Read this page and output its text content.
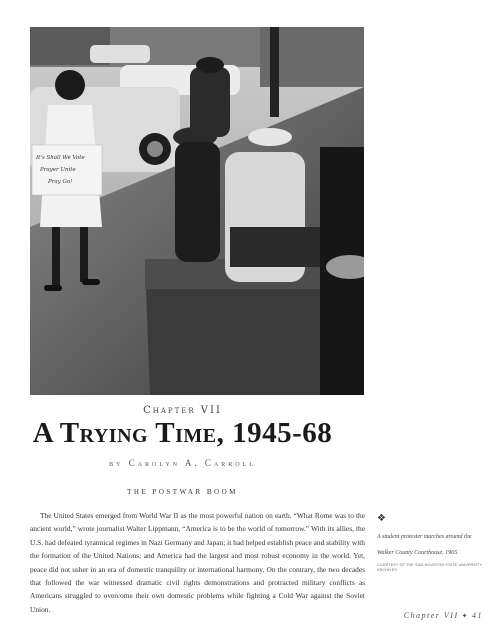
It's Shall We Vote
Prayer Unite
Pray Go!
Chapter VII
A Trying Time, 1945-68
by Carolyn A. Carroll
THE POSTWAR BOOM

The United States emerged from World War II as the most powerful nation on earth. “What Rome was to the ancient world,” wrote journalist Walter Lippmann, “America is to be the world of tomorrow.” With its allies, the U.S. had defeated tyrannical regimes in Nazi Germany and Japan; it had helped establish peace and stability with the formation of the United Nations; and America had the largest and most robust economy in the world. Yet, peace did not usher in an era of domestic tranquility or international harmony. On the contrary, the two decades that followed the war witnessed dramatic civil rights demonstrations and protracted military conflicts as Americans struggled to overcome their own domestic problems while fighting a Cold War against the Soviet Union.

❖
A student protester marches around the Walker County Courthouse, 1965.
COURTESY OF THE SAM HOUSTON STATE UNIVERSITY ARCHIVES.
Chapter VII ✦ 41
